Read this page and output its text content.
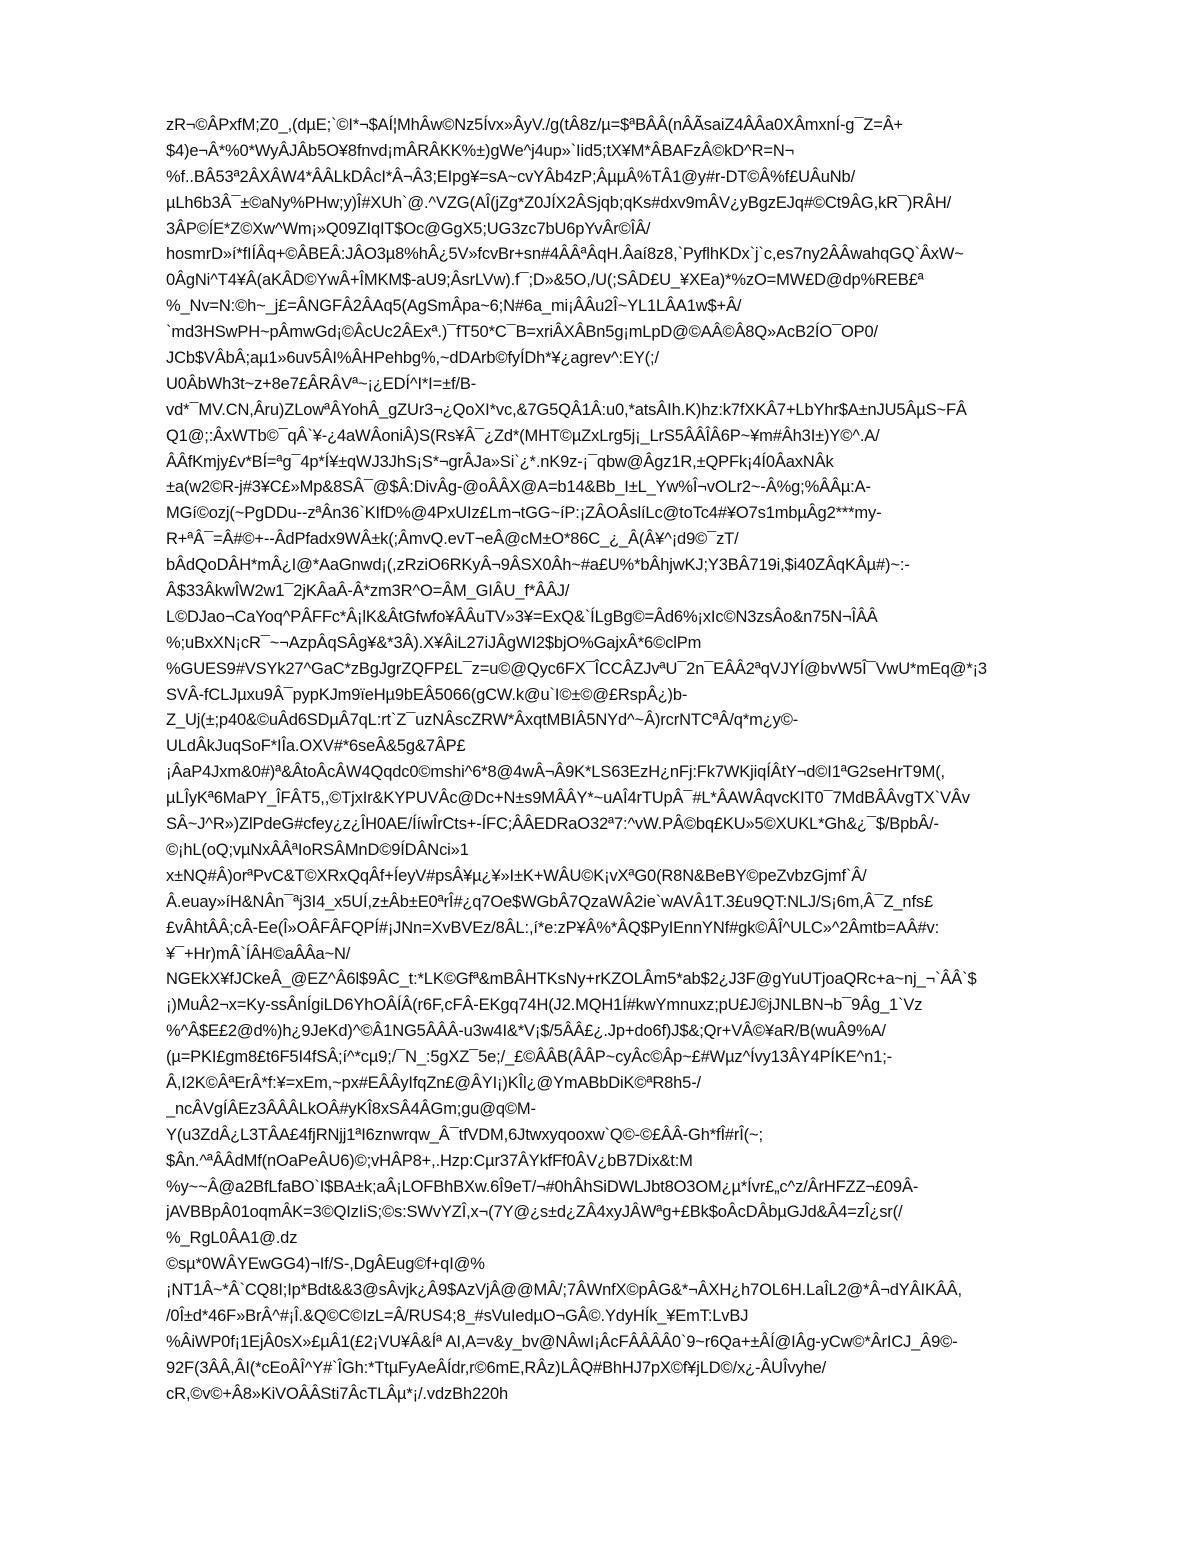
zR¬©ÂPxfM;Z0_,(dµE;`©I*¬$AÍ¦MhÂw©Nz5Ívx»ÂyV./g(tÂ8z/µ=$ªBÂÂ(nÂÃsaiZ4ÂÂa0XÂmxnÍ-g¯Z=Â+
$4)e¬Â*%0*WyÂJÂb5O¥8fnvd¡mÂRÂKK%±)gWe^j4up»`Iid5;tX¥M*ÂBAFzÂ©kD^R=N¬
%f..BÂ53ª2ÂXÂW4*ÂÂLkDÂcI*Â¬Â3;EIpg¥=sA~cvYÂb4zP;ÂµµÂ%TÂ1@y#r-DT©Â%f£UÂuNb/
µLh6b3Â¯±©aNy%PHw;y)Î#XUh`@.^VZG(AÎ(jZg*Z0JÍX2ÂSjqb;qKs#dxv9mÂV¿yBgzEJq#©Ct9ÂG,kR¯)RÂH/
3ÂP©ÍE*Z©Xw^Wm¡»Q09ZIqIT$Oc@GgX5;UG3zc7bU6pYvÂr©ÎÂ/
hosmrD»í*fIÍÂq+©ÂBEÂ:JÂO3µ8%hÂ¿5V»fcvBr+sn#4ÂÂªÂqH.Âaí8z8,`PyflhKDx`j`c,es7ny2ÂÂwahqGQ`ÂxW~
0ÂgNi^T4¥Â(aKÂD©YwÂ+ÎMKM$-aU9;ÂsrLVw).f¯;D»&5O,/U(;SÂD£U_¥XEa)*%zO=MW£D@dp%REB£ª
%_Nv=N:©h~_j£=ÂNGFÂ2ÂAq5(AgSmÂpa~6;N#6a_mi¡ÂÂu2Î~YL1LÂA1w$+Â/
`md3HSwPH~pÂmwGd¡©ÂcUc2ÂExª.)¯fT50*C¯B=xriÂXÂBn5g¡mLpD@©AÂ©Â8Q»AcB2ÍO¯OP0/
JCb$VÂbÂ;aµ1»6uv5ÂI%ÂHPehbg%,~dDArb©fyÍDh*¥¿agrev^:EY(;/
U0ÂbWh3t~z+8e7£ÂRÂVª~¡¿EDÍ^I*I=±f/B-
vd*¯MV.CN,Âru)ZLowªÂYohÂ_gZUr3¬¿QoXI*vc,&7G5QÂ1Â:u0,*atsÂIh.K)hz:k7fXKÂ7+LbYhr$A±nJU5ÂµS~FÂ
Q1@;:ÂxWTb©¯qÂ`¥-¿4aWÂoniÂ)S(Rs¥Â¯¿Zd*(MHT©µZxLrg5j¡_LrS5ÂÂÎÂ6P~¥m#Âh3I±)Y©^.A/
ÂÂfKmjy£v*BÍ=ªg¯4p*Í¥±qWJ3JhS¡S*¬grÂJa»Si`¿*.nK9z-¡¯qbw@Âgz1R,±QPFk¡4Í0ÂaxNÂk
±a(w2©R-j#3¥C£»Mp&8SÂ¯@$Â:DivÂg-@oÂÂX@A=b14&Bb_I±L_Yw%Î¬vOLr2~-Â%g;%ÂÂµ:A-
MGí©ozj(~PgDDu--zªÂn36`KIfD%@4PxUIz£Lm¬tGG~íP:¡ZÂOÂslíLc@toTc4#¥O7s1mbµÂg2***my-
R+ªÂ¯=Â#©+--ÂdPfadx9WÂ±k(;ÂmvQ.evT¬eÂ@cM±O*86C_¿_Â(Â¥^¡d9©¯zT/
bÂdQoDÂH*mÂ¿I@*AaGnwd¡(,zRziO6RKyÂ¬9ÂSX0Âh~#a£U%*bÂhjwKJ;Y3BÂ719i,$i40ZÂqKÂµ#)~:-
Â$33ÂkwÎW2w1¯2jKÂaÂ-Â*zm3R^O=ÂM_GIÂU_f*ÂÂJ/
L©DJao¬CaYoq^PÂFFc*Â¡lK&ÂtGfwfo¥ÂÂuTV»3¥=ExQ&`ÍLgBg©=Âd6%¡xIc©N3zsÂo&n75N¬ÎÂÂ
%;uBxXN¡cR¯~¬AzpÂqSÂg¥&*3Â).X¥ÂiL27iJÂgWI2$bjO%GajxÂ*6©clPm
%GUES9#VSYk27^GaC*zBgJgrZQFP£L¯z=u©@Qyc6FX¯ÎCCÂZJvªU¯2n¯EÂÂ2ªqVJYÍ@bvW5Î¯VwU*mEq@*¡3
SVÂ-fCLJµxu9Â¯pypKJm9ïeHµ9bEÂ5066(gCW.k@u`I©±©@£RspÂ¿)b-
Z_Uj(±;p40&©uÂd6SDµÂ7qL:rt`Z¯uzNÂscZRW*ÂxqtMBIÂ5NYd^~Â)rcrNTCªÂ/q*m¿y©-
ULdÂkJuqSoF*IÎa.OXV#*6seÂ&5g&7ÂP£
¡ÂaP4Jxm&0#)ª&ÂtoÂcÂW4Qqdc0©mshi^6*8@4wÂ¬Â9K*LS63EzH¿nFj:Fk7WKjiqÍÂtY¬d©I1ªG2seHrT9M(,
µLÎyKª6MaPY_ÎFÂT5,,©TjxIr&KYPUVÂc@Dc+N±s9MÂÂY*~uAÎ4rTUpÂ¯#L*ÂAWÂqvcKIT0¯7MdBÂÂvgTX`VÂv
SÂ~J^R»)ZlPdeG#cfey¿z¿ÎH0AE/ÍíwÎrCts+-ÍFC;ÂÂEDRaO32ª7:^vW.PÂ©bq£KU»5©XUKL*Gh&¿¯$/BpbÂ/-
©¡hL(oQ;vµNxÂÂªIoRSÂMnD©9ÍDÂNci»1
x±NQ#Â)orªPvC&T©XRxQqÂf+ÍeyV#psÂ¥µ¿¥»I±K+WÂU©K¡vXªG0(R8N&BeBY©peZvbzGjmf`Â/
Â.euay»íH&NÂn¯ªj3I4_x5UÍ,z±Âb±E0ªrÎ#¿q7Oe$WGbÂ7QzaWÂ2ie`wAVÂ1T.3£u9QT:NLJ/S¡6m,Â¯Z_nfs£
£vÂhtÂÂ;cÂ-Ee(Î»OÂFÂFQPÍ#¡JNn=XvBVEz/8ÂL:,í*e:zP¥Â%*ÂQ$PyIEnnYNf#gk©ÂÎ^ULC»^2Âmtb=AÂ#v:
¥¯+Hr)mÂ`ÍÂH©aÂÂa~N/
NGEkX¥fJCkeÂ_@EZ^Â6l$9ÂC_t:*LK©Gfª&mBÂHTKsNy+rKZOLÂm5*ab$2¿J3F@gYuUTjoaQRc+a~nj_¬`ÂÂ`$
¡)MuÂ2¬x=Ky-ssÂnÍgiLD6YhOÂÍÂ(r6F,cFÂ-EKgq74H(J2.MQH1Í#kwYmnuxz;pU£J©jJNLBN¬b¯9Âg_1`Vz
%^Â$E£2@d%)h¿9JeKd)^©Â1NG5ÂÂÂ-u3w4I&*V¡$/5ÂÂ£¿.Jp+do6f)J$&;Qr+VÂ©¥aR/B(wuÂ9%A/
(µ=PKI£gm8£t6F5I4fSÂ;í^*cµ9;/¯N_:5gXZ¯5e;/_£©ÂÂB(ÂÂP~cyÂc©Âp~£#Wµz^Ívy13ÂY4PÍKE^n1;-
Â,I2K©ÂªErÂ*f:¥=xEm,~px#EÂÂyIfqZn£@ÂYI¡)KÎl¿@YmABbDiK©ªR8h5-/
_ncÂVgÍÂEz3ÂÂÂLkOÂ#yKÎ8xSÂ4ÂGm;gu@q©M-
Y(u3ZdÂ¿L3TÂA£4fjRNjj1ªI6znwrqw_Â¯tfVDM,6Jtwxyqooxw`Q©-©£ÂÂ-Gh*fÎ#rÎ(~;
$Ân.^ªÂÂdMf(nOaPeÂU6)©;vHÂP8+,.Hzp:Cµr37ÂYkfFf0ÂV¿bB7Dix&t:M
%y~~Â@a2BfLfaBO`I$BA±k;aÂ¡LOFBhBXw.6Î9eT/¬#0hÂhSiDWLJbt8O3OM¿µ*Ívr£„c^z/ÂrHFZZ¬£09Â-
jAVBBpÂ01oqmÂK=3©QIzIiS;©s:SWvYZÎ,x¬(7Y@¿s±d¿ZÂ4xyJÂWªg+£Bk$oÂcDÂbµGJd&Â4=zÎ¿sr(/
%_RgL0ÂA1@.dz
©sµ*0WÂYEwGG4)¬If/S-,DgÂEug©f+qI@%
¡NT1Â~*Â`CQ8I;Ip*Bdt&&3@sÂvjk¿Â9$AzVjÂ@@MÂ/;7ÂWnfX©pÂG&*¬ÂXH¿h7OL6H.LaÎL2@*Â¬dYÂIKÂÂ,
/0Î±d*46F»BrÂ^#¡Î.&Q©C©IzL=Â/RUS4;8_#sVuIedµO¬GÂ©.YdyHÍk_¥EmT:LvBJ
%ÂiWP0f¡1EjÂ0sX»£µÂ1(£2¡VU¥Â&Íª AI,A=v&y_bv@NÂwI¡ÂcFÂÂÂÂ0`9~r6Qa+±ÂÍ@IÂg-yCw©*ÂrICJ_Â9©-
92F(3ÂÂ,ÂI(*cEoÂÎ^Y#`ÎGh:*TtµFyAeÂÍdr,r©6mE,RÂz)LÂQ#BhHJ7pX©f¥jLD©/x¿-ÂUÎvyhe/
cR,©v©+Â8»KiVOÂÂSti7ÂcTLÂµ*¡/.vdzBh220h
